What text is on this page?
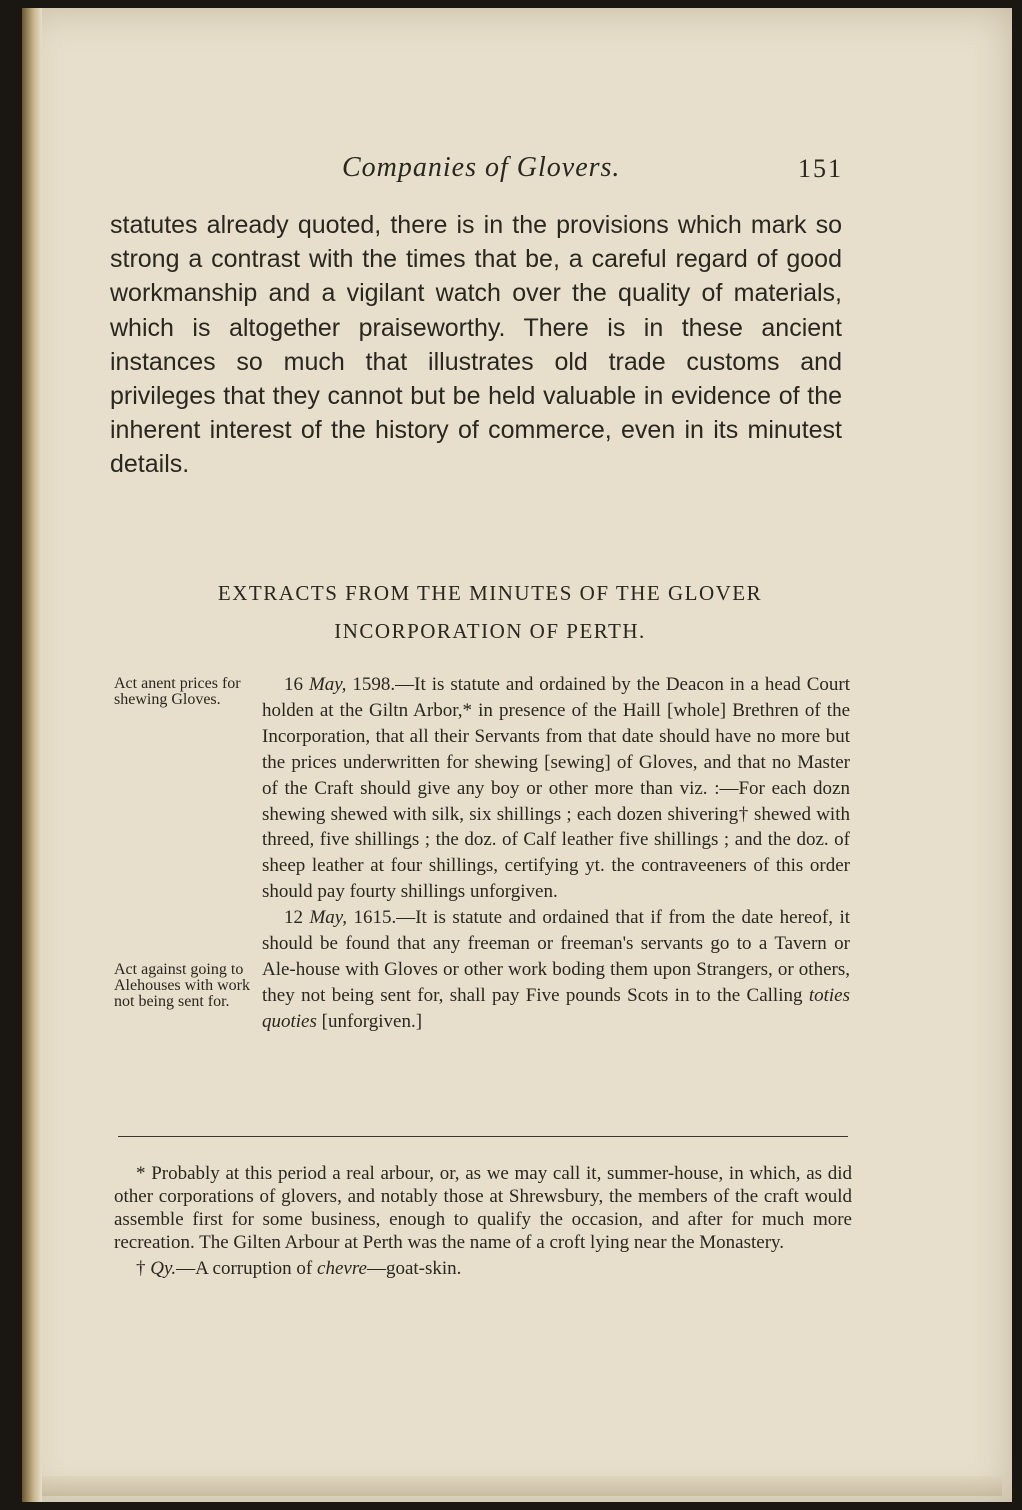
Companies of Glovers.	151

statutes already quoted, there is in the provisions which mark so strong a contrast with the times that be, a careful regard of good workmanship and a vigilant watch over the quality of materials, which is altogether praiseworthy. There is in these ancient instances so much that illustrates old trade customs and privileges that they cannot but be held valuable in evidence of the inherent interest of the history of commerce, even in its minutest details.

EXTRACTS FROM THE MINUTES OF THE GLOVER
INCORPORATION OF PERTH.
Act anent prices for shewing Gloves.
Act against going to Alehouses with work not being sent for.

16 May, 1598.—It is statute and ordained by the Deacon in a head Court holden at the Giltn Arbor,* in presence of the Haill [whole] Brethren of the Incorporation, that all their Servants from that date should have no more but the prices underwritten for shewing [sewing] of Gloves, and that no Master of the Craft should give any boy or other more than viz. :—For each dozn shewing shewed with silk, six shillings ; each dozen shivering† shewed with threed, five shillings ; the doz. of Calf leather five shillings ; and the doz. of sheep leather at four shillings, certifying yt. the contraveeners of this order should pay fourty shillings unforgiven.

12 May, 1615.—It is statute and ordained that if from the date hereof, it should be found that any freeman or freeman's servants go to a Tavern or Ale-house with Gloves or other work boding them upon Strangers, or others, they not being sent for, shall pay Five pounds Scots in to the Calling toties quoties [unforgiven.]

* Probably at this period a real arbour, or, as we may call it, summer-house, in which, as did other corporations of glovers, and notably those at Shrewsbury, the members of the craft would assemble first for some business, enough to qualify the occasion, and after for much more recreation. The Gilten Arbour at Perth was the name of a croft lying near the Monastery.

† Qy.—A corruption of chevre—goat-skin.
